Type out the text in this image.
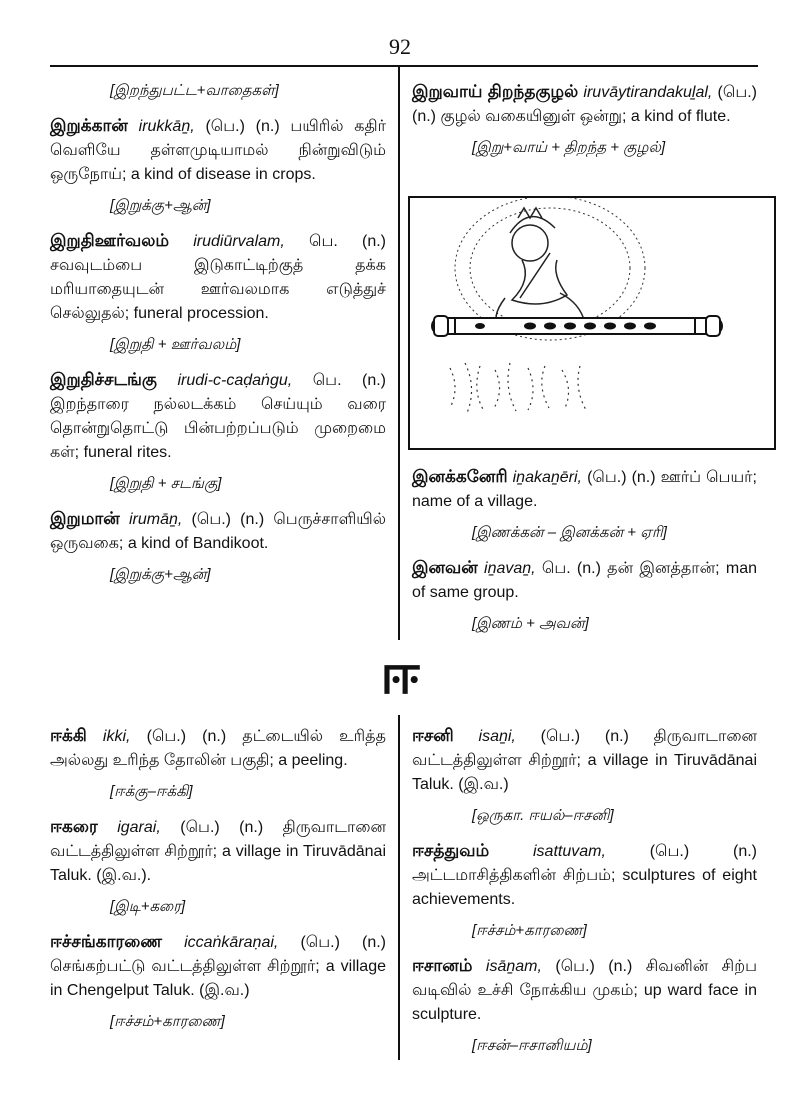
92
[இறந்துபட்ட+வாதைகள்]

இறுக்கான் irukkāṉ, (பெ.) (n.) பயிரில் கதிர் வெளியே தள்ளமுடியாமல் நின்றுவிடும் ஒருநோய்; a kind of disease in crops.

[இறுக்கு+ஆன்]

இறுதிஊர்வலம் irudiūrvalam, பெ. (n.) சவவுடம்பை இடுகாட்டிற்குத் தக்க மரியாதையுடன் ஊர்வலமாக எடுத்துச் செல்லுதல்; funeral procession.

[இறுதி + ஊர்வலம்]

இறுதிச்சடங்கு irudi-c-caḍaṅgu, பெ. (n.) இறந்தாரை நல்லடக்கம் செய்யும் வரை தொன்றுதொட்டு பின்பற்றப்படும் முறைமை கள்; funeral rites.

[இறுதி + சடங்கு]

இறுமான் irumāṉ, (பெ.) (n.) பெருச்சாளியில் ஒருவகை; a kind of Bandikoot.

[இறுக்கு+ஆன்]

இறுவாய் திறந்தகுழல் iruvāytirandakuḻal, (பெ.) (n.) குழல் வகையினுள் ஒன்று; a kind of flute.

[இறு+வாய் + திறந்த + குழல்]

இனக்கனேரி iṉakaṉēri, (பெ.) (n.) ஊர்ப் பெயர்; name of a village.

[இணக்கன் – இனக்கன் + ஏரி]

இனவன் iṉavaṉ, பெ. (n.) தன் இனத்தான்; man of same group.

[இணம் + அவன்]
ஈ

ஈக்கி ikki, (பெ.) (n.) தட்டையில் உரித்த அல்லது உரிந்த தோலின் பகுதி; a peeling.

[ஈக்கு–ஈக்கி]

ஈகரை igarai, (பெ.) (n.) திருவாடானை வட்டத்திலுள்ள சிற்றூர்; a village in Tiruvādānai Taluk. (இ.வ.).

[இடி+கரை]

ஈச்சங்காரணை iccaṅkāraṇai, (பெ.) (n.) செங்கற்பட்டு வட்டத்திலுள்ள சிற்றூர்; a village in Chengelput Taluk. (இ.வ.)

[ஈச்சம்+காரணை]

ஈசனி isaṉi, (பெ.) (n.) திருவாடானை வட்டத்திலுள்ள சிற்றூர்; a village in Tiruvādānai Taluk. (இ.வ.)

[ஒருகா. ஈயல்–ஈசனி]

ஈசத்துவம்	isattuvam,	(பெ.) (n.) அட்டமாசித்திகளின் சிற்பம்; sculptures of eight achievements.

[ஈச்சம்+காரணை]

ஈசானம் isāṉam, (பெ.) (n.) சிவனின் சிற்ப வடிவில் உச்சி நோக்கிய முகம்; up ward face in sculpture.

[ஈசன்–ஈசானியம்]
